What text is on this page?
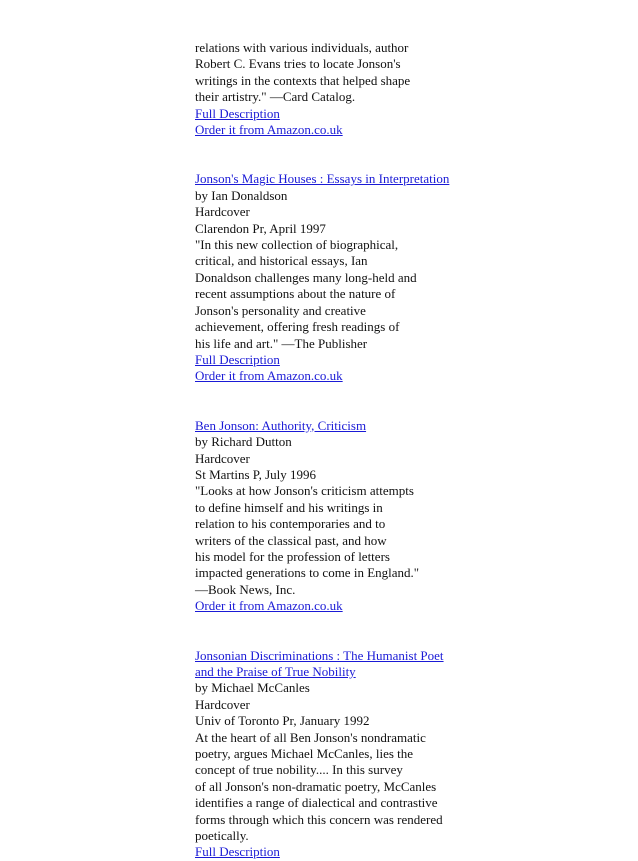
relations with various individuals, author
Robert C. Evans tries to locate Jonson's
writings in the contexts that helped shape
their artistry." —Card Catalog.
Full Description
Order it from Amazon.co.uk
Jonson's Magic Houses : Essays in Interpretation
by Ian Donaldson
Hardcover
Clarendon Pr, April 1997
"In this new collection of biographical,
critical, and historical essays, Ian
Donaldson challenges many long-held and
recent assumptions about the nature of
Jonson's personality and creative
achievement, offering fresh readings of
his life and art." —The Publisher
Full Description
Order it from Amazon.co.uk
Ben Jonson: Authority, Criticism
by Richard Dutton
Hardcover
St Martins P, July 1996
"Looks at how Jonson's criticism attempts
to define himself and his writings in
relation to his contemporaries and to
writers of the classical past, and how
his model for the profession of letters
impacted generations to come in England."
—Book News, Inc.
Order it from Amazon.co.uk
Jonsonian Discriminations : The Humanist Poet
and the Praise of True Nobility
by Michael McCanles
Hardcover
Univ of Toronto Pr, January 1992
At the heart of all Ben Jonson's nondramatic
poetry, argues Michael McCanles, lies the
concept of true nobility.... In this survey
of all Jonson's non-dramatic poetry, McCanles
identifies a range of dialectical and contrastive
forms through which this concern was rendered
poetically.
Full Description
